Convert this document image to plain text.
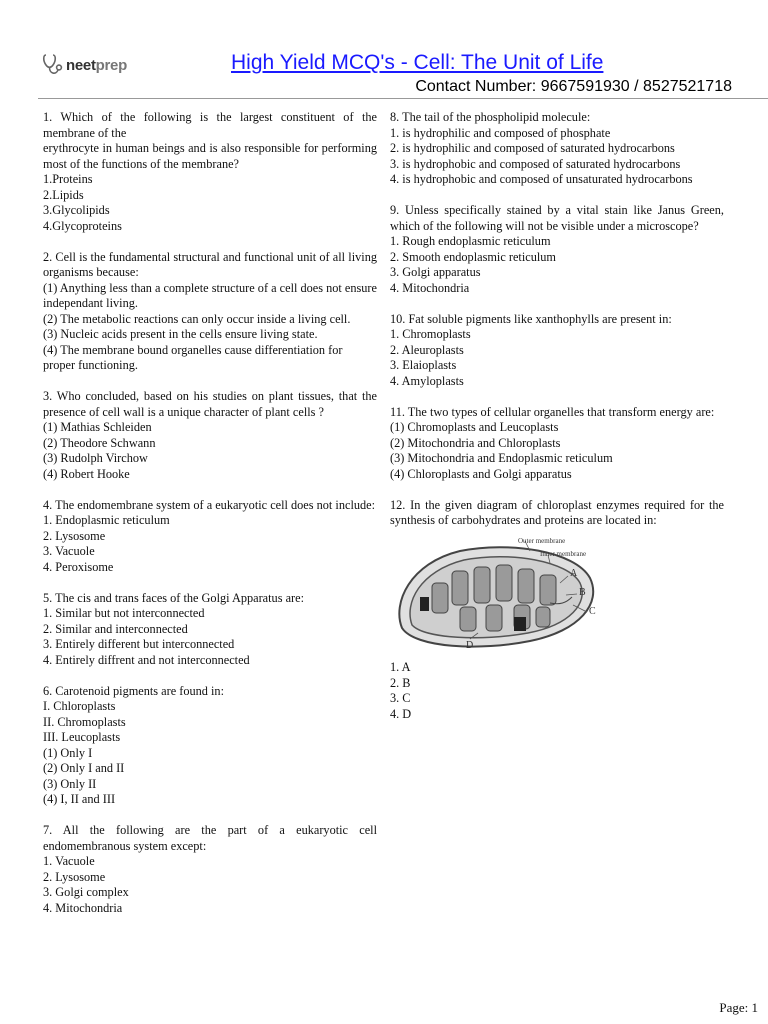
neetprep	High Yield MCQ's - Cell: The Unit of Life
Contact Number: 9667591930 / 8527521718

1. Which of the following is the largest constituent of the membrane of the

erythrocyte in human beings and is also responsible for performing most of the functions of the membrane?

1.Proteins

2.Lipids

3.Glycolipids

4.Glycoproteins

2. Cell is the fundamental structural and functional unit of all living organisms because:

(1) Anything less than a complete structure of a cell does not ensure independant living.

(2) The metabolic reactions can only occur inside a living cell.

(3) Nucleic acids present in the cells ensure living state.

(4) The membrane bound organelles cause differentiation for proper functioning.

3. Who concluded, based on his studies on plant tissues, that the presence of cell wall is a unique character of plant cells ?

(1) Mathias Schleiden

(2) Theodore Schwann

(3) Rudolph Virchow

(4) Robert Hooke

4. The endomembrane system of a eukaryotic cell does not include:

1. Endoplasmic reticulum

2. Lysosome

3. Vacuole

4. Peroxisome

5. The cis and trans faces of the Golgi Apparatus are:

1. Similar but not interconnected

2. Similar and interconnected

3. Entirely different but interconnected

4. Entirely diffrent and not interconnected

6. Carotenoid pigments are found in:

I. Chloroplasts

II. Chromoplasts

III. Leucoplasts

(1) Only I

(2) Only I and II

(3) Only II

(4) I, II and III

7. All the following are the part of a eukaryotic cell endomembranous system except:

1. Vacuole

2. Lysosome

3. Golgi complex

4. Mitochondria

8. The tail of the phospholipid molecule:

1. is hydrophilic and composed of phosphate

2. is hydrophilic and composed of saturated hydrocarbons

3. is hydrophobic and composed of saturated hydrocarbons

4. is hydrophobic and composed of unsaturated hydrocarbons

9. Unless specifically stained by a vital stain like Janus Green, which of the following will not be visible under a microscope?

1. Rough endoplasmic reticulum

2. Smooth endoplasmic reticulum

3. Golgi apparatus

4. Mitochondria

10. Fat soluble pigments like xanthophylls are present in:

1. Chromoplasts

2. Aleuroplasts

3. Elaioplasts

4. Amyloplasts

11. The two types of cellular organelles that transform energy are:

(1) Chromoplasts and Leucoplasts

(2) Mitochondria and Chloroplasts

(3) Mitochondria and Endoplasmic reticulum

(4) Chloroplasts and Golgi apparatus

12. In the given diagram of chloroplast enzymes required for the synthesis of carbohydrates and proteins are located in:

Outer membrane
Inner membrane
A
B
C
D

1. A

2. B

3. C

4. D

Page: 1
